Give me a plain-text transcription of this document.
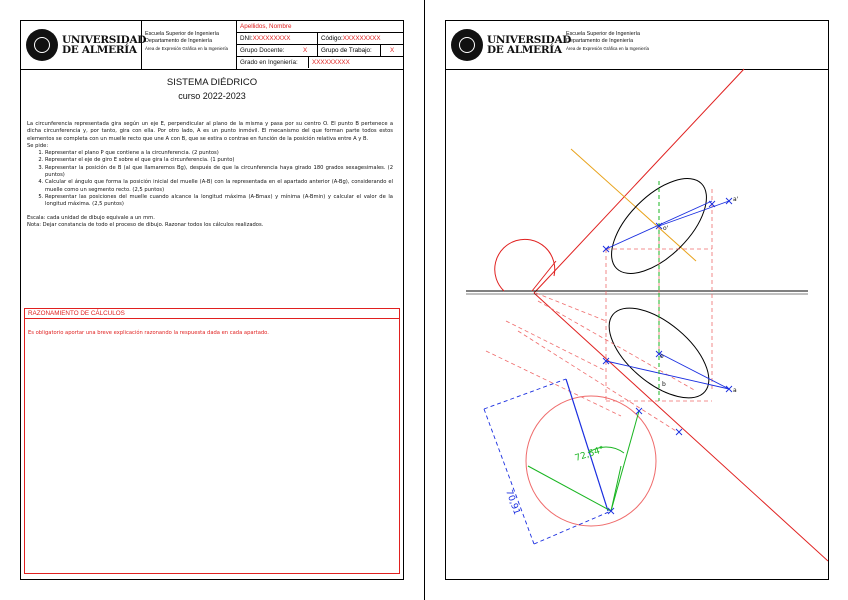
UNIVERSIDAD
DE ALMERÍA
Escuela Superior de Ingeniería
Departamento de Ingeniería
Área de Expresión Gráfica en la Ingeniería
Apellidos, Nombre
DNI:XXXXXXXXX	Código:XXXXXXXXX
Grupo Docente:	X Grupo de Trabajo:	X
Grado en Ingeniería: XXXXXXXXX
SISTEMA DIÉDRICO
curso 2022-2023
La circunferencia representada gira según un eje E, perpendicular al plano de la misma y pasa por su centro O. El punto B pertenece a dicha circunferencia y, por tanto, gira con ella. Por otro lado, A es un punto inmóvil. El mecanismo del que forman parte todos estos elementos se completa con un muelle recto que une A con B, que se estira o contrae en función de la posición relativa entre A y B.
Se pide:
1. Representar el plano P que contiene a la circunferencia. (2 puntos)
2. Representar el eje de giro E sobre el que gira la circunferencia. (1 punto)
3. Representar la posición de B (al que llamaremos Bg), después de que la circunferencia haya girado 180 grados sexagesimales. (2 puntos)
4. Calcular el ángulo que forma la posición inicial del muelle (A-B) con la representada en el apartado anterior (A-Bg), considerando el muelle como un segmento recto. (2,5 puntos)
5. Representar las posiciones del muelle cuando alcance la longitud máxima (A-Bmax) y mínima (A-Bmin) y calcular el valor de la longitud máxima. (2,5 puntos)
Escala: cada unidad de dibujo equivale a un mm.
Nota: Dejar constancia de todo el proceso de dibujo. Razonar todos los cálculos realizados.
RAZONAMIENTO DE CÁLCULOS
Es obligatorio aportar una breve explicación razonando la respuesta dada en cada apartado.
UNIVERSIDAD
DE ALMERÍA
Escuela Superior de Ingeniería
Departamento de Ingeniería
Área de Expresión Gráfica en la Ingeniería
a'
o'
o
b
a
72,54°
70,91
